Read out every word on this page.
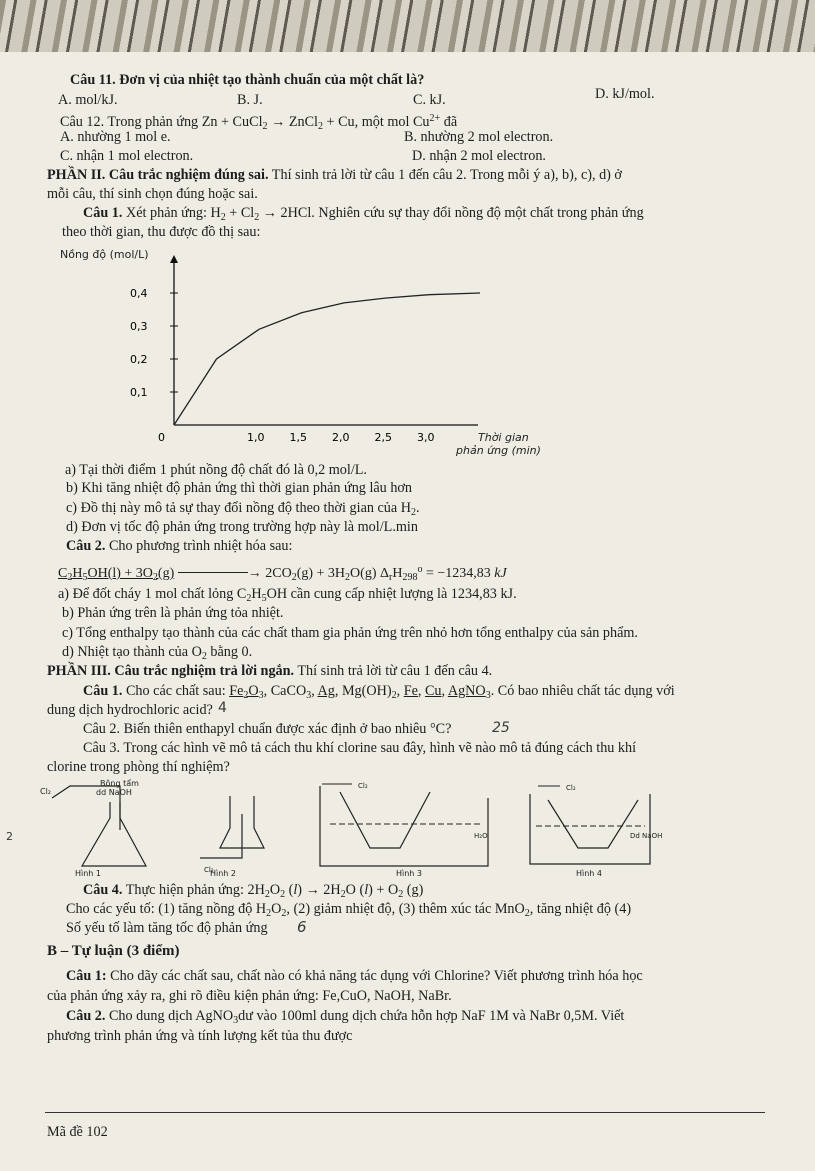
Câu 11. Đơn vị của nhiệt tạo thành chuẩn của một chất là?
A. mol/kJ.	B. J.	C. kJ.	D. kJ/mol.
Câu 12. Trong phản ứng Zn + CuCl$_2$ → ZnCl$_2$ + Cu, một mol $Cu^{2+}$ đã
A. nhường 1 mol e.	B. nhường 2 mol electron.
C. nhận 1 mol electron.	D. nhận 2 mol electron.
PHẦN II. Câu trắc nghiệm đúng sai. Thí sinh trả lời từ câu 1 đến câu 2. Trong mỗi ý a), b), c), d) ở
mỗi câu, thí sinh chọn đúng hoặc sai.
Câu 1. Xét phản ứng: $H_2 + Cl_2 \to 2HCl$. Nghiên cứu sự thay đổi nồng độ một chất trong phản ứng
theo thời gian, thu được đồ thị sau:
Nồng độ (mol/L)
0,1
0,2
0,3
0,4
0	1,0 1,5 2,0 2,5 3,0	Thời gian
phản ứng (min)
a) Tại thời điểm 1 phút nồng độ chất đó là 0,2 mol/L.
b) Khi tăng nhiệt độ phản ứng thì thời gian phản ứng lâu hơn
c) Đồ thị này mô tả sự thay đổi nồng độ theo thời gian của $H_2$.
d) Đơn vị tốc độ phản ứng trong trường hợp này là mol/L.min
Câu 2. Cho phương trình nhiệt hóa sau:
$C_2H_5OH(l) + 3O_2(g)$	→ $2CO_2(g) + 3H_2O(g) \Delta_rH_{298}^o = -1234,83$ kJ
a) Để đốt cháy 1 mol chất lỏng $C_2H_5OH$ cần cung cấp nhiệt lượng là 1234,83 kJ.
b) Phản ứng trên là phản ứng tỏa nhiệt.
c) Tổng enthalpy tạo thành của các chất tham gia phản ứng trên nhỏ hơn tổng enthalpy của sản phẩm.
d) Nhiệt tạo thành của $O_2$ bằng 0.
PHẦN III. Câu trắc nghiệm trả lời ngắn. Thí sinh trả lời từ câu 1 đến câu 4.
Câu 1. Cho các chất sau: $Fe_2O_3$, CaCO$_3$, Ag, $Mg(OH)_2$, Fe, Cu, AgNO$_3$. Có bao nhiêu chất tác dụng với
dung dịch hydrochloric acid? 4
Câu 2. Biến thiên enthapyl chuẩn được xác định ở bao nhiêu °C?	25
Câu 3. Trong các hình vẽ mô tả cách thu khí clorine sau đây, hình vẽ nào mô tả đúng cách thu khí
clorine trong phòng thí nghiệm?
Cl₂
Bông tẩm
dd NaOH
Hình 1
2
Cl₂
Hình 2
Cl₂
H₂O
Hình 3
Cl₂
Dd NaOH
Hình 4
Câu 4. Thực hiện phản ứng: $2H_2O_2$ $(l) \to 2H_2O$ $(l) + O_2$ (g)
Cho các yếu tố: (1) tăng nồng độ $H_2O_2$, (2) giảm nhiệt độ, (3) thêm xúc tác MnO$_2$, tăng nhiệt độ (4)
Số yếu tố làm tăng tốc độ phản ứng 6
B – Tự luận (3 điểm)
Câu 1: Cho dãy các chất sau, chất nào có khả năng tác dụng với Chlorine? Viết phương trình hóa học
của phản ứng xảy ra, ghi rõ điều kiện phản ứng: Fe,CuO, NaOH, NaBr.
Câu 2. Cho dung dịch AgNO$_3$dư vào 100ml dung dịch chứa hỗn hợp NaF 1M và NaBr 0,5M. Viết
phương trình phản ứng và tính lượng kết tủa thu được
Mã đề 102
